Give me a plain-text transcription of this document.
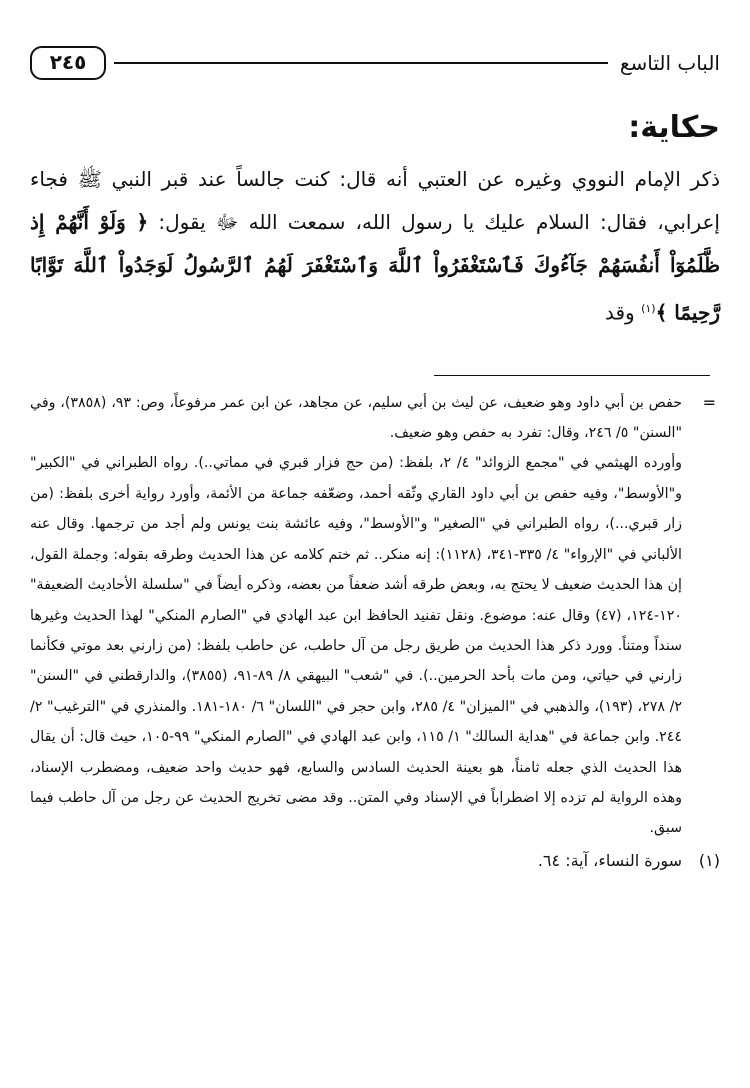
الباب التاسع
٢٤٥
حكاية:
ذكر الإمام النووي وغيره عن العتبي أنه قال: كنت جالساً عند قبر النبي ﷺ فجاء إعرابي، فقال: السلام عليك يا رسول الله، سمعت الله ﷻ يقول: ﴿ وَلَوْ أَنَّهُمْ إِذ ظَّلَمُوٓاْ أَنفُسَهُمْ جَآءُوكَ فَٱسْتَغْفَرُواْ ٱللَّهَ وَٱسْتَغْفَرَ لَهُمُ ٱلرَّسُولُ لَوَجَدُواْ ٱللَّهَ تَوَّابًا رَّحِيمًا ﴾$^{(١)}$ وقد
=

حفص بن أبي داود وهو ضعيف، عن ليث بن أبي سليم، عن مجاهد، عن ابن عمر مرفوعاً، وص: ٩٣، (٣٨٥٨)، وفي "السنن" ٥/ ٢٤٦، وقال: تفرد به حفص وهو ضعيف.

وأورده الهيثمي في "مجمع الزوائد" ٤/ ٢، بلفظ: (من حج فزار قبري في مماتي..). رواه الطبراني في "الكبير" و"الأوسط"، وفيه حفص بن أبي داود القاري وثّقه أحمد، وضعّفه جماعة من الأئمة، وأورد رواية أخرى بلفظ: (من زار قبري...)، رواه الطبراني في "الصغير" و"الأوسط"، وفيه عائشة بنت يونس ولم أجد من ترجمها. وقال عنه الألباني في "الإرواء" ٤/ ٣٣٥-٣٤١، (١١٢٨): إنه منكر.. ثم ختم كلامه عن هذا الحديث وطرقه بقوله: وجملة القول، إن هذا الحديث ضعيف لا يحتج به، وبعض طرقه أشد ضعفاً من بعضه، وذكره أيضاً في "سلسلة الأحاديث الضعيفة" ١٢٠-١٢٤، (٤٧) وقال عنه: موضوع. ونقل تفنيد الحافظ ابن عبد الهادي في "الصارم المنكي" لهذا الحديث وغيرها سنداً ومتناً. وورد ذكر هذا الحديث من طريق رجل من آل حاطب، عن حاطب بلفظ: (من زارني بعد موتي فكأنما زارني في حياتي، ومن مات بأحد الحرمين..). في "شعب" البيهقي ٨/ ٨٩-٩١، (٣٨٥٥)، والدارقطني في "السنن" ٢/ ٢٧٨، (١٩٣)، والذهبي في "الميزان" ٤/ ٢٨٥، وابن حجر في "اللسان" ٦/ ١٨٠-١٨١. والمنذري في "الترغيب" ٢/ ٢٤٤. وابن جماعة في "هداية السالك" ١/ ١١٥، وابن عبد الهادي في "الصارم المنكي" ٩٩-١٠٥، حيث قال: أن يقال هذا الحديث الذي جعله ثامناً، هو بعينة الحديث السادس والسابع، فهو حديث واحد ضعيف، ومضطرب الإسناد، وهذه الرواية لم تزده إلا اضطراباً في الإسناد وفي المتن.. وقد مضى تخريج الحديث عن رجل من آل حاطب فيما سبق.

(١)
سورة النساء، آية: ٦٤.
